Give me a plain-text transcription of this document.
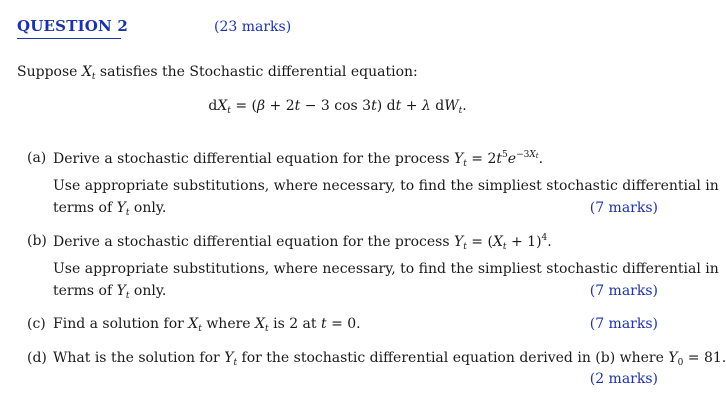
QUESTION 2	(23 marks)
Suppose $X_t$ satisfies the Stochastic differential equation:
$dX_t = (\beta + 2t - 3$ cos 3t) dt + λ $dW_t$.
(a) Derive a stochastic differential equation for the process $Y_t = 2t^5e^{-3X_t}$.
Use appropriate substitutions, where necessary, to find the simpliest stochastic differential in
terms of $Y_t$ only.	(7 marks)
(b) Derive a stochastic differential equation for the process $Y_t = (X_t + 1)^4$.
Use appropriate substitutions, where necessary, to find the simpliest stochastic differential in
terms of $Y_t$ only.	(7 marks)
(c) Find a solution for $X_t$ where $X_t$ is 2 at t = 0.	(7 marks)
(d) What is the solution for $Y_t$ for the stochastic differential equation derived in (b) where $Y_0 = 81$.
(2 marks)
